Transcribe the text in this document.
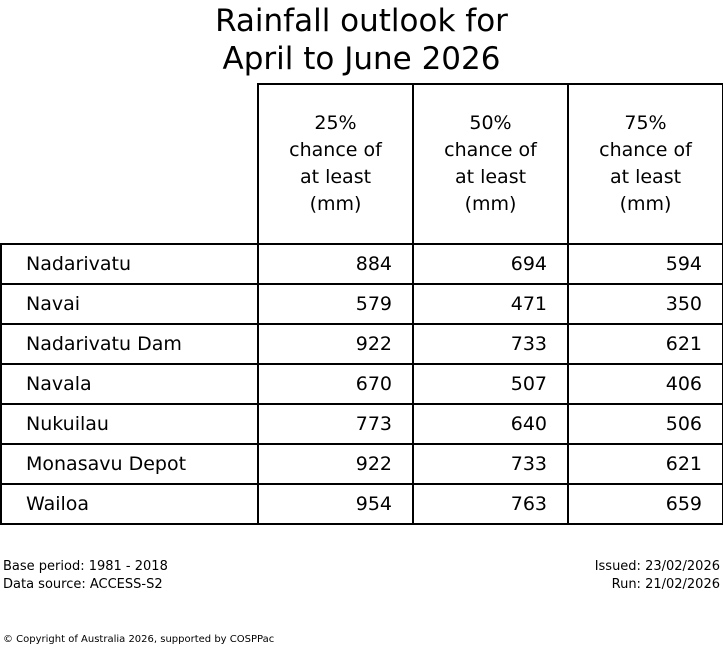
Rainfall outlook for
April to June 2026

	25%
chance of
at least
(mm)	50%
chance of
at least
(mm)	75%
chance of
at least
(mm)

Nadarivatu	884	694	594
Navai	579	471	350
Nadarivatu Dam	922	733	621
Navala	670	507	406
Nukuilau	773	640	506
Monasavu Depot	922	733	621
Wailoa	954	763	659
Base period: 1981 - 2018	Issued: 23/02/2026
Data source: ACCESS-S2	Run: 21/02/2026
© Copyright of Australia 2026, supported by COSPPac
